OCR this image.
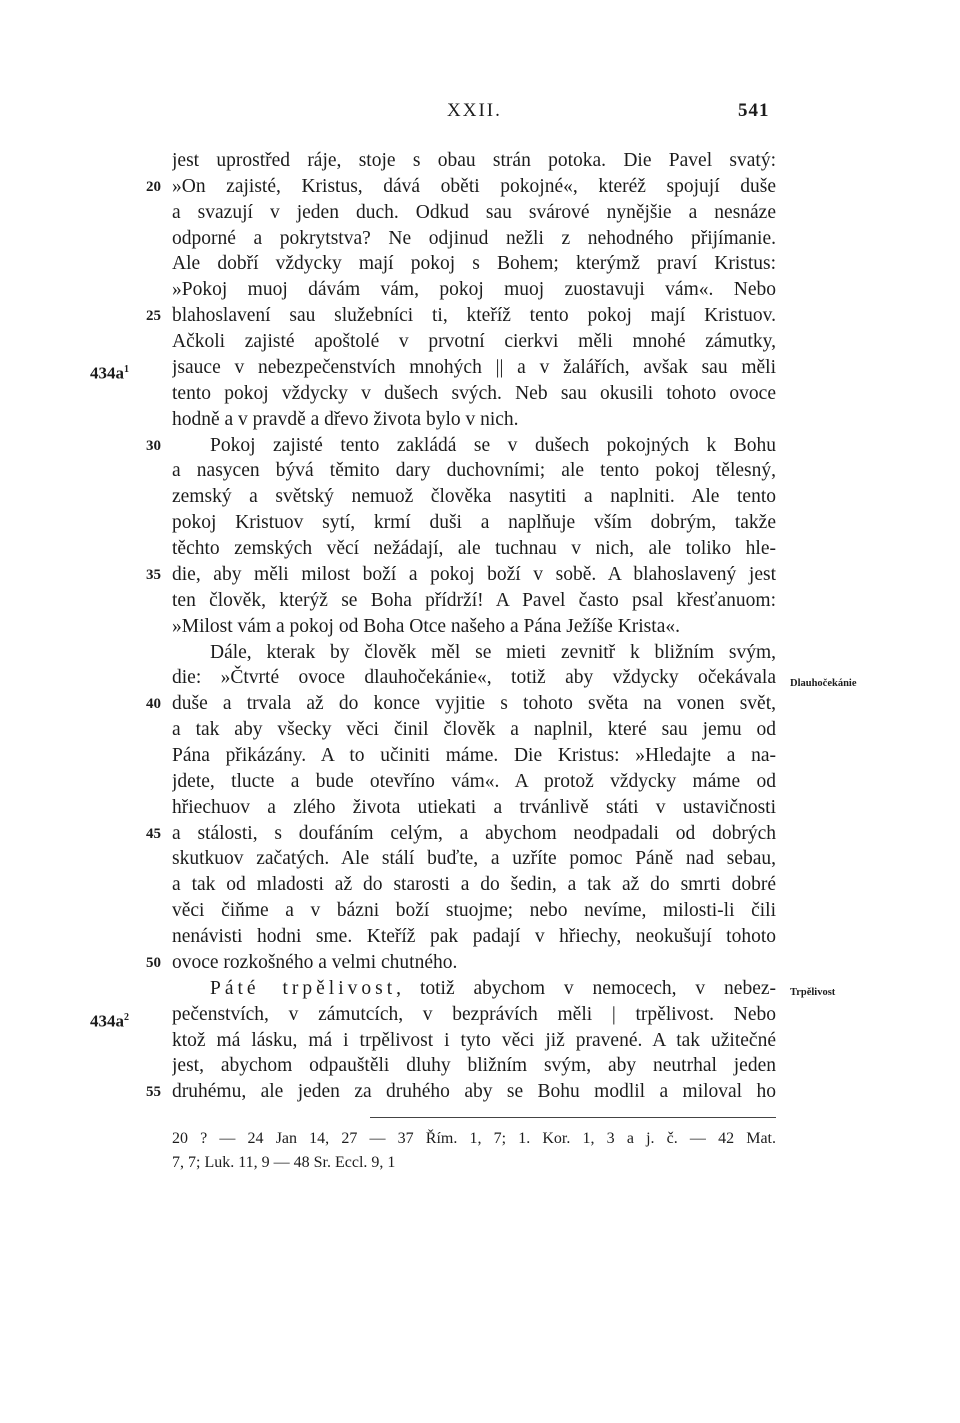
XXII.	541
jest uprostřed ráje, stoje s obau strán potoka. Die Pavel svatý:
»On zajisté, Kristus, dává oběti pokojné«, kteréž spojují duše
20
a svazují v jeden duch. Odkud sau svárové nynějšie a nesnáze
odporné a pokrytstva? Ne odjinud nežli z nehodného přijímanie.
Ale dobří vždycky mají pokoj s Bohem; kterýmž praví Kristus:
»Pokoj muoj dávám vám, pokoj muoj zuostavuji vám«. Nebo
blahoslavení sau služebníci ti, kteříž tento pokoj mají Kristuov.
25
Ačkoli zajisté apoštolé v prvotní cierkvi měli mnohé zámutky,
jsauce v nebezpečenstvích mnohých || a v žalářích, avšak sau měli
tento pokoj vždycky v dušech svých. Neb sau okusili tohoto ovoce
hodně a v pravdě a dřevo života bylo v nich.
Pokoj zajisté tento zakládá se v dušech pokojných k Bohu
30
a nasycen bývá těmito dary duchovními; ale tento pokoj tělesný,
zemský a světský nemuož člověka nasytiti a naplniti. Ale tento
pokoj Kristuov sytí, krmí duši a naplňuje vším dobrým, takže
těchto zemských věcí nežádají, ale tuchnau v nich, ale toliko hle-
die, aby měli milost boží a pokoj boží v sobě. A blahoslavený jest
35
ten člověk, kterýž se Boha přídrží! A Pavel často psal křesťanuom:
»Milost vám a pokoj od Boha Otce našeho a Pána Ježíše Krista«.
Dále, kterak by člověk měl se mieti zevnitř k bližním svým,
die: »Čtvrté ovoce dlauhočekánie«, totiž aby vždycky očekávala
duše a trvala až do konce vyjitie s tohoto světa na vonen svět,
40
a tak aby všecky věci činil člověk a naplnil, které sau jemu od
Pána přikázány. A to učiniti máme. Die Kristus: »Hledajte a na-
jdete, tlucte a bude otevříno vám«. A protož vždycky máme od
hřiechuov a zlého života utiekati a trvánlivě státi v ustavičnosti
a stálosti, s doufáním celým, a abychom neodpadali od dobrých
45
skutkuov začatých. Ale stálí buďte, a uzříte pomoc Páně nad sebau,
a tak od mladosti až do starosti a do šedin, a tak až do smrti dobré
věci čiňme a v bázni boží stuojme; nebo nevíme, milosti-li čili
nenávisti hodni sme. Kteříž pak padají v hřiechy, neokušují tohoto
ovoce rozkošného a velmi chutného.
50
Páté trpělivost, totiž abychom v nemocech, v nebez-
pečenstvích, v zámutcích, v bezprávích měli | trpělivost. Nebo
ktož má lásku, má i trpělivost i tyto věci již pravené. A tak užitečné
jest, abychom odpauštěli dluhy bližním svým, aby neutrhal jeden
druhému, ale jeden za druhého aby se Bohu modlil a miloval ho
55
$434a^1$
$434a^2$
Dlauhočekánie
Trpělivost
20 ? — 24 Jan 14, 27 — 37 Řím. 1, 7; 1. Kor. 1, 3 a j. č. — 42 Mat.
7, 7; Luk. 11, 9 — 48 Sr. Eccl. 9, 1
